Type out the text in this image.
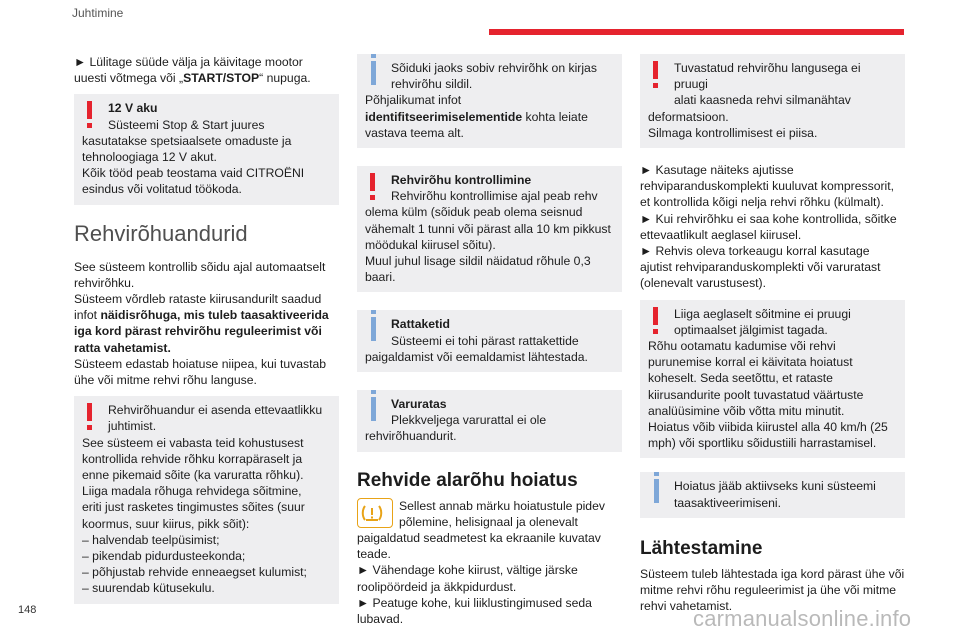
Juhtimine

► Lülitage süüde välja ja käivitage mootor

uuesti võtmega või „START/STOP“ nupuga.

12 V aku
Süsteemi Stop & Start juures
kasutatakse spetsiaalsete omaduste ja
tehnoloogiaga 12 V akut.
Kõik tööd peab teostama vaid CITROËNI
esindus või volitatud töökoda.
Rehvirõhuandurid

See süsteem kontrollib sõidu ajal automaatselt

rehvirõhku.

Süsteem võrdleb rataste kiirusandurilt saadud

infot näidisrõhuga, mis tuleb taasaktiveerida

iga kord pärast rehvirõhu reguleerimist või

ratta vahetamist.

Süsteem edastab hoiatuse niipea, kui tuvastab

ühe või mitme rehvi rõhu languse.

Rehvirõhuandur ei asenda ettevaatlikku
juhtimist.
See süsteem ei vabasta teid kohustusest
kontrollida rehvide rõhku korrapäraselt ja
enne pikemaid sõite (ka varuratta rõhku).
Liiga madala rõhuga rehvidega sõitmine,
eriti just rasketes tingimustes sõites (suur
koormus, suur kiirus, pikk sõit):
– halvendab teelpüsimist;
– pikendab pidurdusteekonda;
– põhjustab rehvide enneaegset kulumist;
– suurendab kütusekulu.
Sõiduki jaoks sobiv rehvirõhk on kirjas
rehvirõhu sildil.
Põhjalikumat infot
identifitseerimiselementide kohta leiate
vastava teema alt.
Rehvirõhu kontrollimine
Rehvirõhu kontrollimise ajal peab rehv
olema külm (sõiduk peab olema seisnud
vähemalt 1 tunni või pärast alla 10 km pikkust
möödukal kiirusel sõitu).
Muul juhul lisage sildil näidatud rõhule 0,3
baari.
Rattaketid
Süsteemi ei tohi pärast rattakettide
paigaldamist või eemaldamist lähtestada.
Varuratas
Plekkveljega varurattal ei ole
rehvirõhuandurit.
Rehvide alarõhu hoiatus

Sellest annab märku hoiatustule pidev

põlemine, helisignaal ja olenevalt

paigaldatud seadmetest ka ekraanile kuvatav

teade.

► Vähendage kohe kiirust, vältige järske

roolipöördeid ja äkkpidurdust.

► Peatuge kohe, kui liiklustingimused seda

lubavad.

Tuvastatud rehvirõhu langusega ei pruugi
alati kaasneda rehvi silmanähtav
deformatsioon.
Silmaga kontrollimisest ei piisa.

► Kasutage näiteks ajutisse

rehviparanduskomplekti kuuluvat kompressorit,

et kontrollida kõigi nelja rehvi rõhku (külmalt).

► Kui rehvirõhku ei saa kohe kontrollida, sõitke

ettevaatlikult aeglasel kiirusel.

► Rehvis oleva torkeaugu korral kasutage

ajutist rehviparanduskomplekti või varuratast

(olenevalt varustusest).

Liiga aeglaselt sõitmine ei pruugi
optimaalset jälgimist tagada.
Rõhu ootamatu kadumise või rehvi
purunemise korral ei käivitata hoiatust
koheselt. Seda seetõttu, et rataste
kiirusandurite poolt tuvastatud väärtuste
analüüsimine võib võtta mitu minutit.
Hoiatus võib viibida kiirustel alla 40 km/h (25
mph) või sportliku sõidustiili harrastamisel.
Hoiatus jääb aktiivseks kuni süsteemi
taasaktiveerimiseni.
Lähtestamine

Süsteem tuleb lähtestada iga kord pärast ühe või

mitme rehvi rõhu reguleerimist ja ühe või mitme

rehvi vahetamist.

148	carmanualsonline.info
